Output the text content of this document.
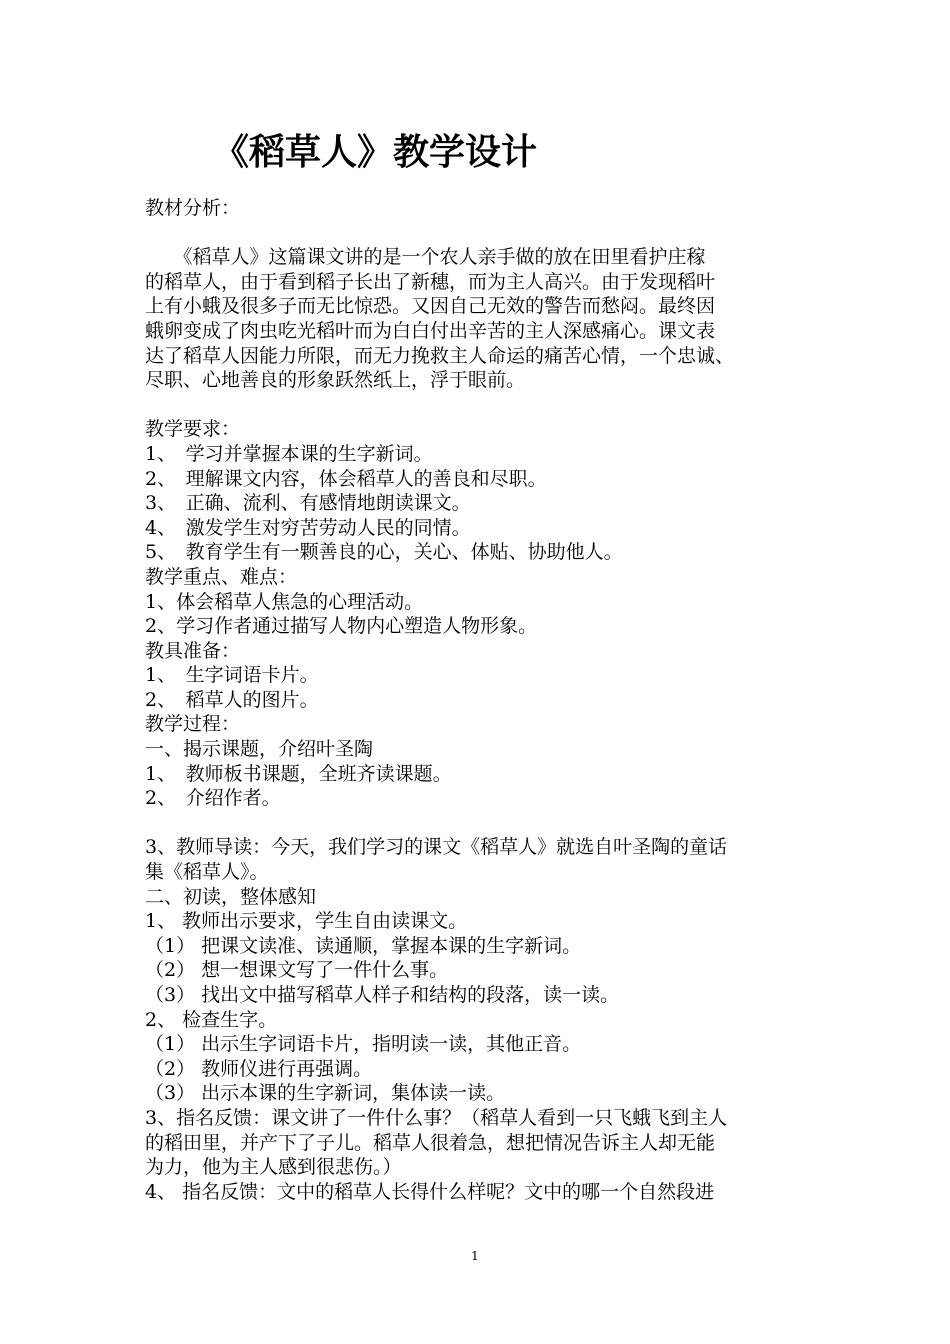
《稻草人》教学设计
教材分析：
　　《稻草人》这篇课文讲的是一个农人亲手做的放在田里看护庄稼
的稻草人，由于看到稻子长出了新穗，而为主人高兴。由于发现稻叶
上有小蛾及很多子而无比惊恐。又因自己无效的警告而愁闷。最终因
蛾卵变成了肉虫吃光稻叶而为白白付出辛苦的主人深感痛心。课文表
达了稻草人因能力所限，而无力挽救主人命运的痛苦心情，一个忠诚、
尽职、心地善良的形象跃然纸上，浮于眼前。
教学要求：
1、　学习并掌握本课的生字新词。
2、　理解课文内容，体会稻草人的善良和尽职。
3、　正确、流利、有感情地朗读课文。
4、　激发学生对穷苦劳动人民的同情。
5、　教育学生有一颗善良的心，关心、体贴、协助他人。
教学重点、难点：
1、体会稻草人焦急的心理活动。
2、学习作者通过描写人物内心塑造人物形象。
教具准备：
1、　生字词语卡片。
2、　稻草人的图片。
教学过程：
一、揭示课题，介绍叶圣陶
1、　教师板书课题，全班齐读课题。
2、　介绍作者。
3、教师导读：今天，我们学习的课文《稻草人》就选自叶圣陶的童话
集《稻草人》。
二、初读，整体感知
1、 教师出示要求，学生自由读课文。
（1） 把课文读准、读通顺，掌握本课的生字新词。
（2） 想一想课文写了一件什么事。
（3） 找出文中描写稻草人样子和结构的段落，读一读。
2、 检查生字。
（1） 出示生字词语卡片，指明读一读，其他正音。
（2） 教师仪进行再强调。
（3） 出示本课的生字新词，集体读一读。
3、指名反馈：课文讲了一件什么事？（稻草人看到一只飞蛾飞到主人
的稻田里，并产下了子儿。稻草人很着急，想把情况告诉主人却无能
为力，他为主人感到很悲伤。）
4、 指名反馈：文中的稻草人长得什么样呢？文中的哪一个自然段进
1
